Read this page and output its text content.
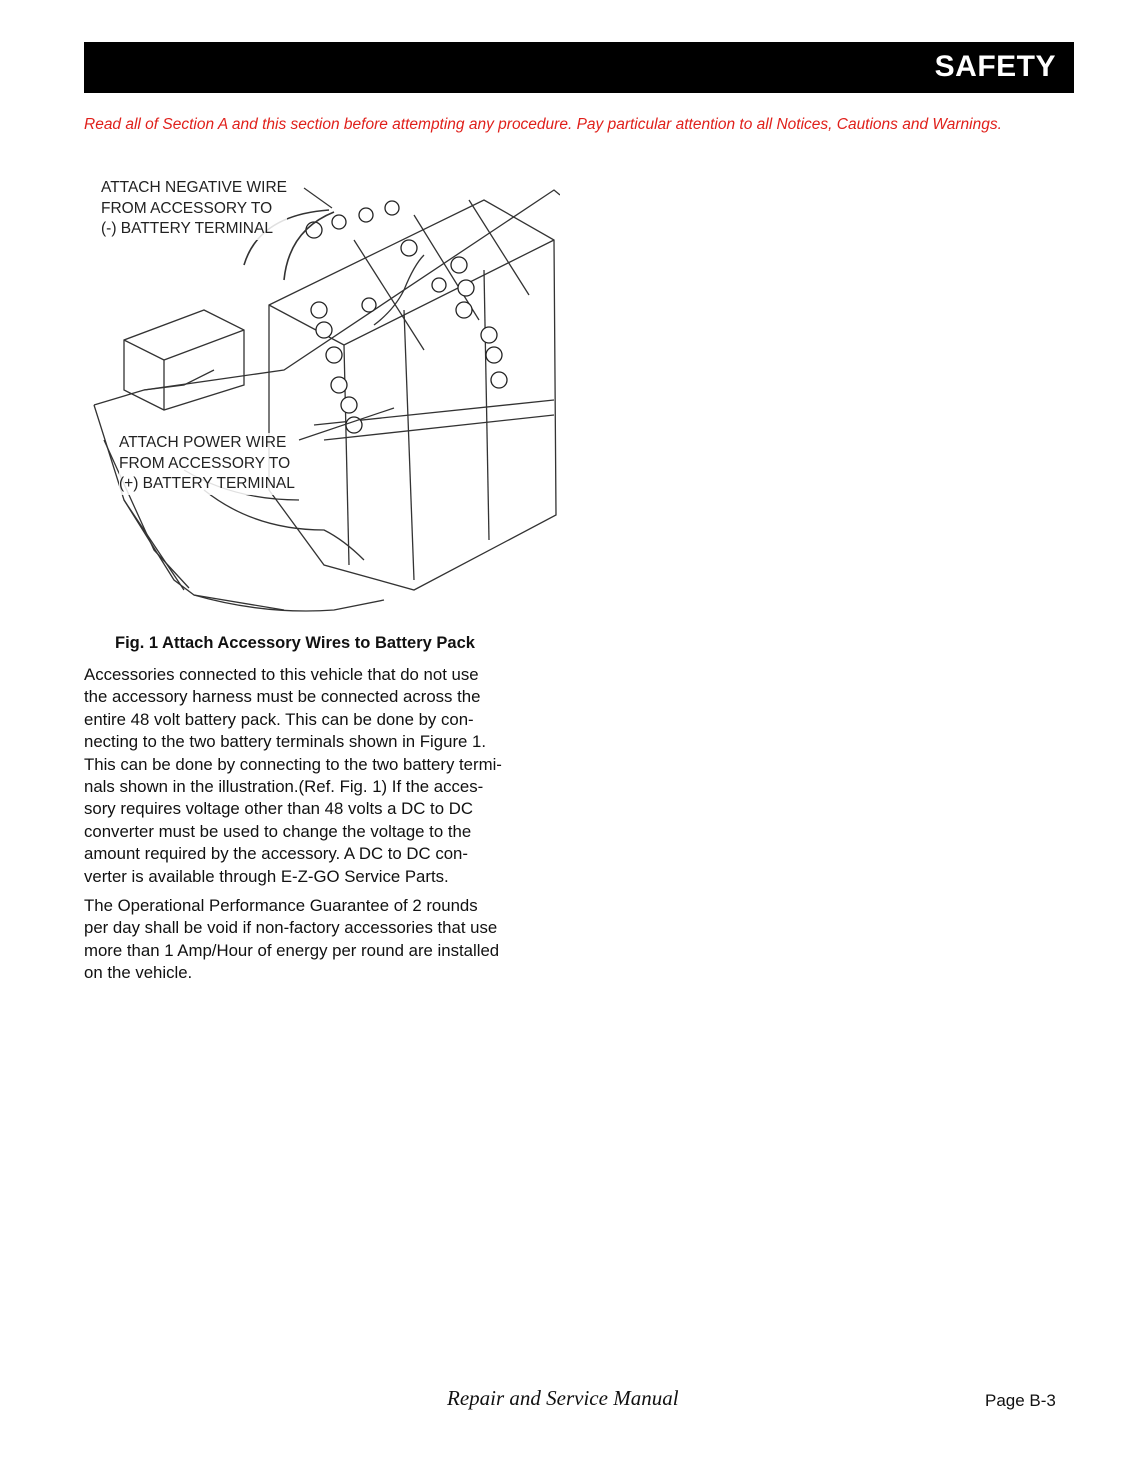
SAFETY
Read all of Section A and this section before attempting any procedure. Pay particular attention to all Notices, Cautions and Warnings.
ATTACH NEGATIVE WIRE
FROM ACCESSORY TO
(-) BATTERY TERMINAL
ATTACH POWER WIRE
FROM ACCESSORY TO
(+) BATTERY TERMINAL
Fig. 1 Attach Accessory Wires to Battery Pack
Accessories connected to this vehicle that do not use
the accessory harness must be connected across the
entire 48 volt battery pack. This can be done by con-
necting to the two battery terminals shown in Figure 1.
This can be done by connecting to the two battery termi-
nals shown in the illustration.(Ref. Fig. 1) If the acces-
sory requires voltage other than 48 volts a DC to DC
converter must be used to change the voltage to the
amount required by the accessory. A DC to DC con-
verter is available through E-Z-GO Service Parts.
The Operational Performance Guarantee of 2 rounds
per day shall be void if non-factory accessories that use
more than 1 Amp/Hour of energy per round are installed
on the vehicle.
Repair and Service Manual	Page B-3
